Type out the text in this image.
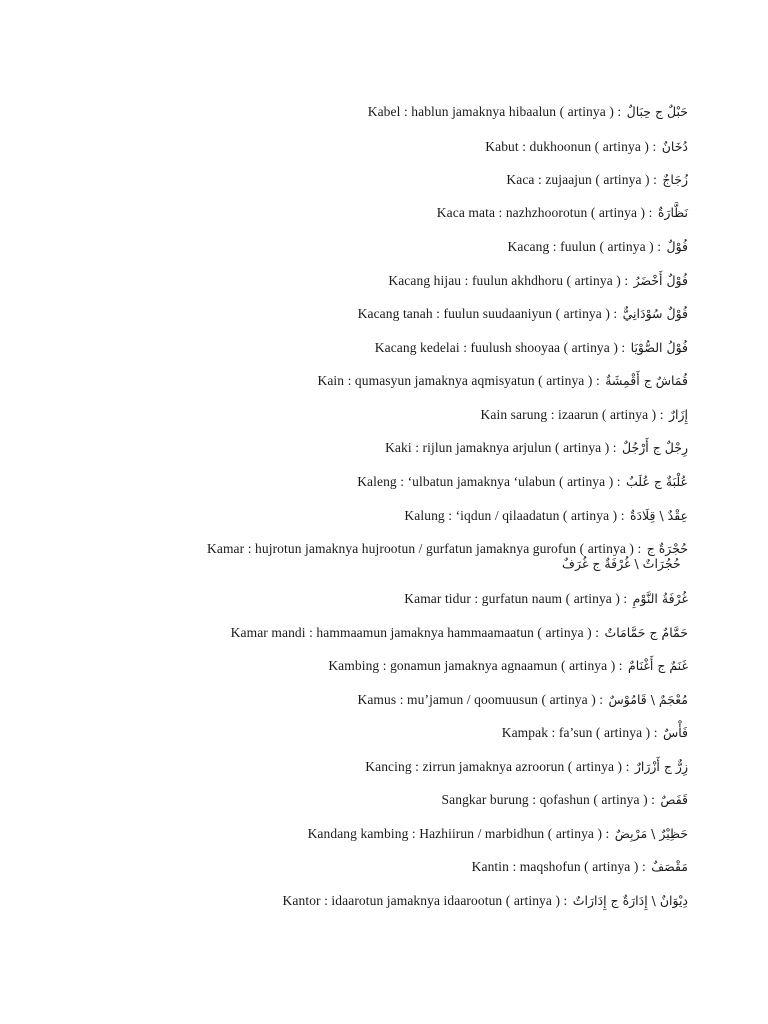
Kabel : hablun jamaknya hibaalun ( artinya ) : حَبْلٌ ج حِبَالٌ
Kabut : dukhoonun ( artinya ) : دُخَانٌ
Kaca : zujaajun ( artinya ) : زُجَاجٌ
Kaca mata : nazhzhoorotun ( artinya ) : نَظَّارَةٌ
Kacang : fuulun ( artinya ) : فُوْلٌ
Kacang hijau : fuulun akhdhoru ( artinya ) : فُوْلٌ أَخْضَرُ
Kacang tanah : fuulun suudaaniyun ( artinya ) : فُوْلٌ سُوْدَانِيٌّ
Kacang kedelai : fuulush shooyaa ( artinya ) : فُوْلُ الصُّوْيَا
Kain : qumasyun jamaknya aqmisyatun ( artinya ) : قُمَاشٌ ج أَقْمِشَةٌ
Kain sarung : izaarun ( artinya ) : إِزَارٌ
Kaki : rijlun jamaknya arjulun ( artinya ) : رِجْلٌ ج أَرْجُلٌ
Kaleng : ‘ulbatun jamaknya ‘ulabun ( artinya ) : عُلْبَةٌ ج عُلَبٌ
Kalung : ‘iqdun / qilaadatun ( artinya ) : عِقْدٌ \ قِلَادَةٌ
Kamar : hujrotun jamaknya hujrootun / gurfatun jamaknya gurofun ( artinya ) : حُجْرَةٌ ج
حُجُرَاتٌ \ غُرْفَةٌ ج غُرَفٌ
Kamar tidur : gurfatun naum ( artinya ) : غُرْفَةُ النَّوْمِ
Kamar mandi : hammaamun jamaknya hammaamaatun ( artinya ) : حَمَّامٌ ج حَمَّامَاتٌ
Kambing : gonamun jamaknya agnaamun ( artinya ) : غَنَمٌ ج أَغْنَامٌ
Kamus : mu’jamun / qoomuusun ( artinya ) : مُعْجَمٌ \ قَامُوْسٌ
Kampak : fa’sun ( artinya ) : فَأْسٌ
Kancing : zirrun jamaknya azroorun ( artinya ) : زِرٌّ ج أَزْرَارٌ
Sangkar burung : qofashun ( artinya ) : قَفَصٌ
Kandang kambing : Hazhiirun / marbidhun ( artinya ) : حَظِيْرٌ \ مَرْبِضٌ
Kantin : maqshofun ( artinya ) : مَقْصَفٌ
Kantor : idaarotun jamaknya idaarootun ( artinya ) : دِيْوَانٌ \ إِدَارَةٌ ج إِدَارَاتٌ
